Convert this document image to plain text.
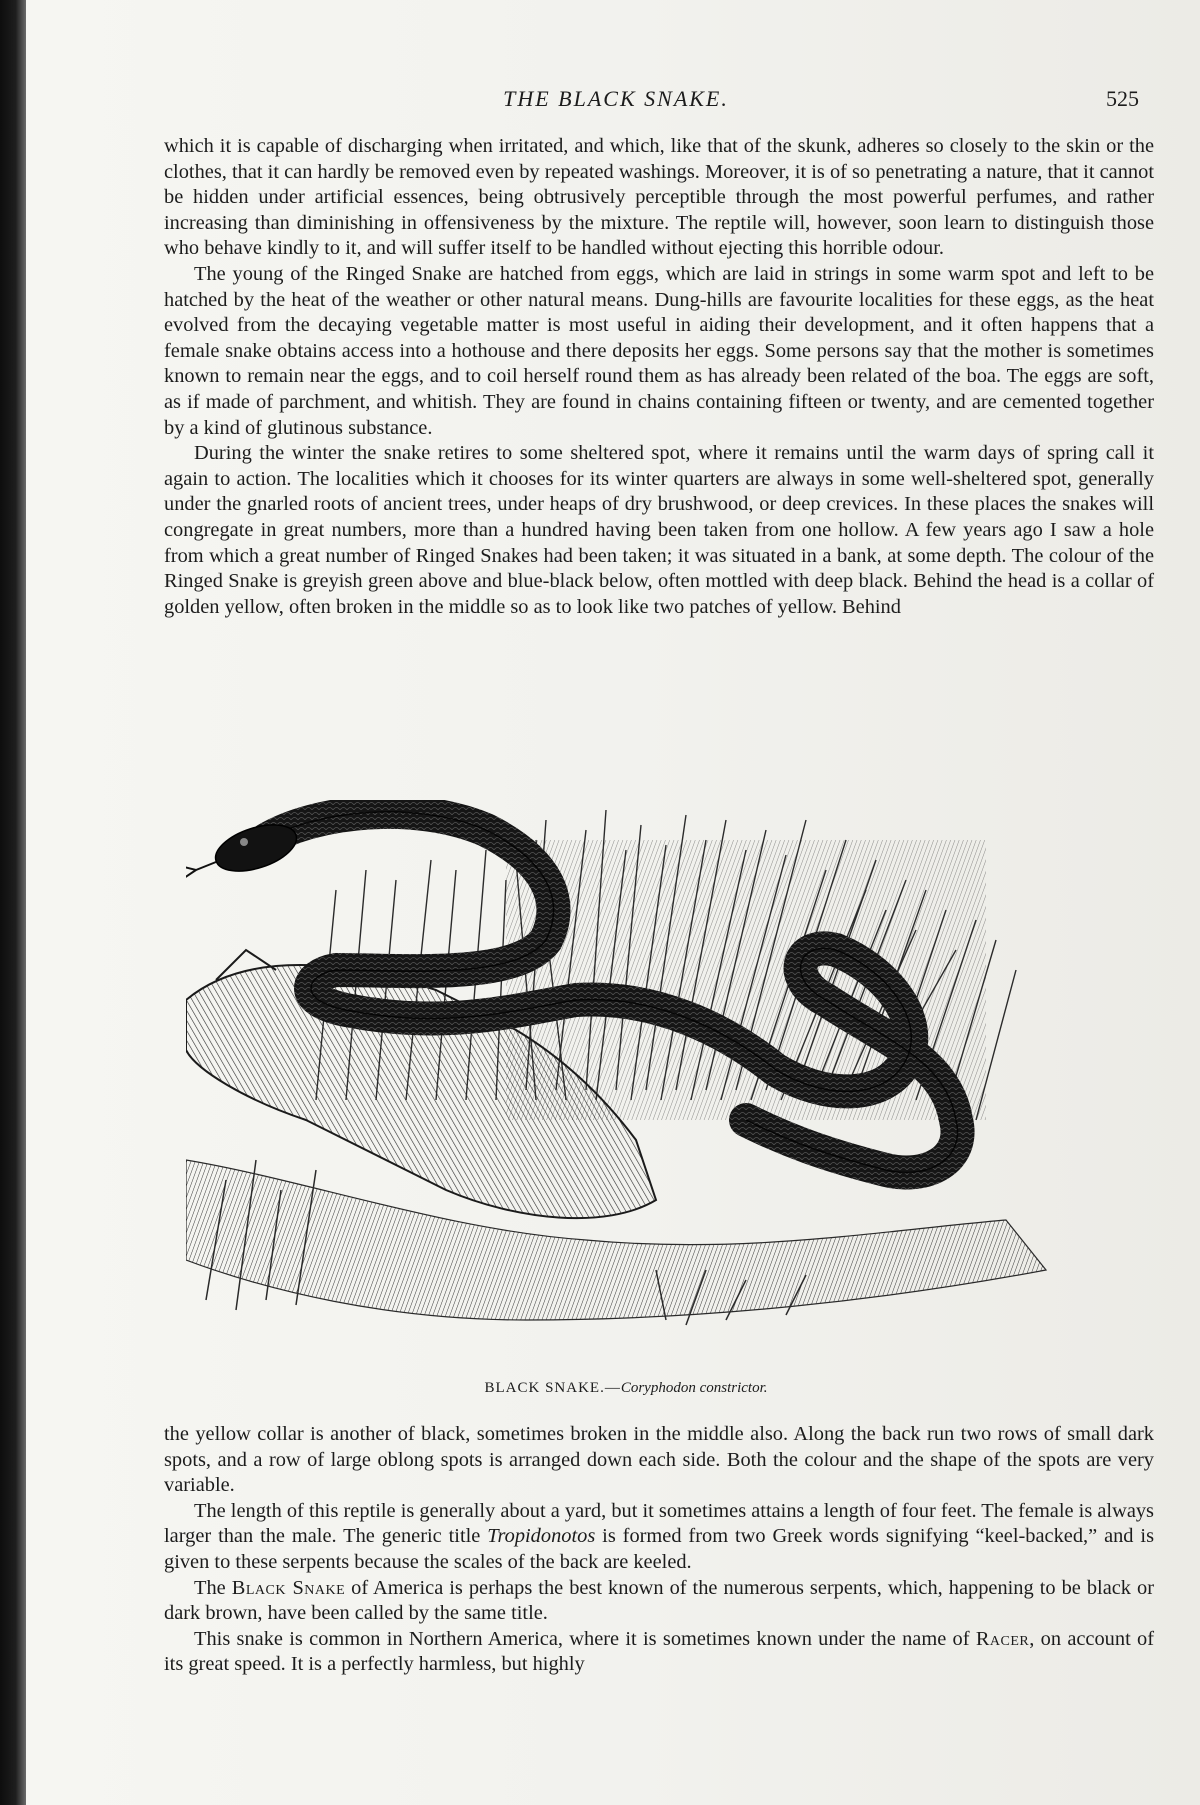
THE BLACK SNAKE.	525

which it is capable of discharging when irritated, and which, like that of the skunk, adheres so closely to the skin or the clothes, that it can hardly be removed even by repeated washings. Moreover, it is of so penetrating a nature, that it cannot be hidden under artificial essences, being obtrusively perceptible through the most powerful perfumes, and rather increasing than diminishing in offensiveness by the mixture. The reptile will, however, soon learn to distinguish those who behave kindly to it, and will suffer itself to be handled without ejecting this horrible odour.

The young of the Ringed Snake are hatched from eggs, which are laid in strings in some warm spot and left to be hatched by the heat of the weather or other natural means. Dung-hills are favourite localities for these eggs, as the heat evolved from the decaying vegetable matter is most useful in aiding their development, and it often happens that a female snake obtains access into a hothouse and there deposits her eggs. Some persons say that the mother is sometimes known to remain near the eggs, and to coil herself round them as has already been related of the boa. The eggs are soft, as if made of parchment, and whitish. They are found in chains containing fifteen or twenty, and are cemented together by a kind of glutinous substance.

During the winter the snake retires to some sheltered spot, where it remains until the warm days of spring call it again to action. The localities which it chooses for its winter quarters are always in some well-sheltered spot, generally under the gnarled roots of ancient trees, under heaps of dry brushwood, or deep crevices. In these places the snakes will congregate in great numbers, more than a hundred having been taken from one hollow. A few years ago I saw a hole from which a great number of Ringed Snakes had been taken; it was situated in a bank, at some depth. The colour of the Ringed Snake is greyish green above and blue-black below, often mottled with deep black. Behind the head is a collar of golden yellow, often broken in the middle so as to look like two patches of yellow. Behind

BLACK SNAKE.—Coryphodon constrictor.

the yellow collar is another of black, sometimes broken in the middle also. Along the back run two rows of small dark spots, and a row of large oblong spots is arranged down each side. Both the colour and the shape of the spots are very variable.

The length of this reptile is generally about a yard, but it sometimes attains a length of four feet. The female is always larger than the male. The generic title Tropidonotos is formed from two Greek words signifying “keel-backed,” and is given to these serpents because the scales of the back are keeled.

The Black Snake of America is perhaps the best known of the numerous serpents, which, happening to be black or dark brown, have been called by the same title.

This snake is common in Northern America, where it is sometimes known under the name of Racer, on account of its great speed. It is a perfectly harmless, but highly
